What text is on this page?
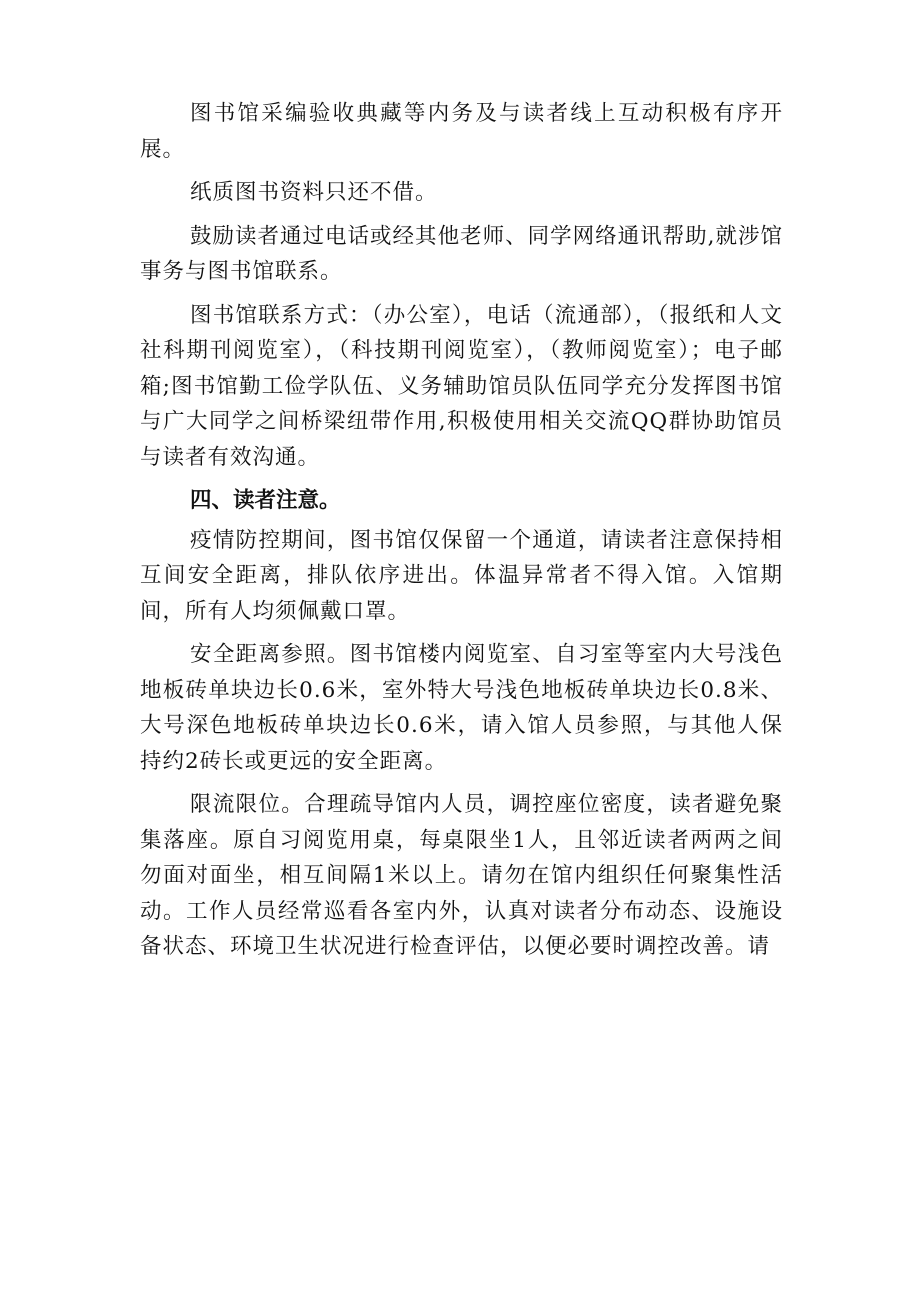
图书馆采编验收典藏等内务及与读者线上互动积极有序开展。

纸质图书资料只还不借。

鼓励读者通过电话或经其他老师、同学网络通讯帮助,就涉馆事务与图书馆联系。

图书馆联系方式：（办公室），电话（流通部），（报纸和人文社科期刊阅览室），（科技期刊阅览室），（教师阅览室）；电子邮箱;图书馆勤工俭学队伍、义务辅助馆员队伍同学充分发挥图书馆与广大同学之间桥梁纽带作用,积极使用相关交流QQ群协助馆员与读者有效沟通。

四、读者注意。

疫情防控期间，图书馆仅保留一个通道，请读者注意保持相互间安全距离，排队依序进出。体温异常者不得入馆。入馆期间，所有人均须佩戴口罩。

安全距离参照。图书馆楼内阅览室、自习室等室内大号浅色地板砖单块边长0.6米，室外特大号浅色地板砖单块边长0.8米、大号深色地板砖单块边长0.6米，请入馆人员参照，与其他人保持约2砖长或更远的安全距离。

限流限位。合理疏导馆内人员，调控座位密度，读者避免聚集落座。原自习阅览用桌，每桌限坐1人，且邻近读者两两之间勿面对面坐，相互间隔1米以上。请勿在馆内组织任何聚集性活动。工作人员经常巡看各室内外，认真对读者分布动态、设施设备状态、环境卫生状况进行检查评估，以便必要时调控改善。请
